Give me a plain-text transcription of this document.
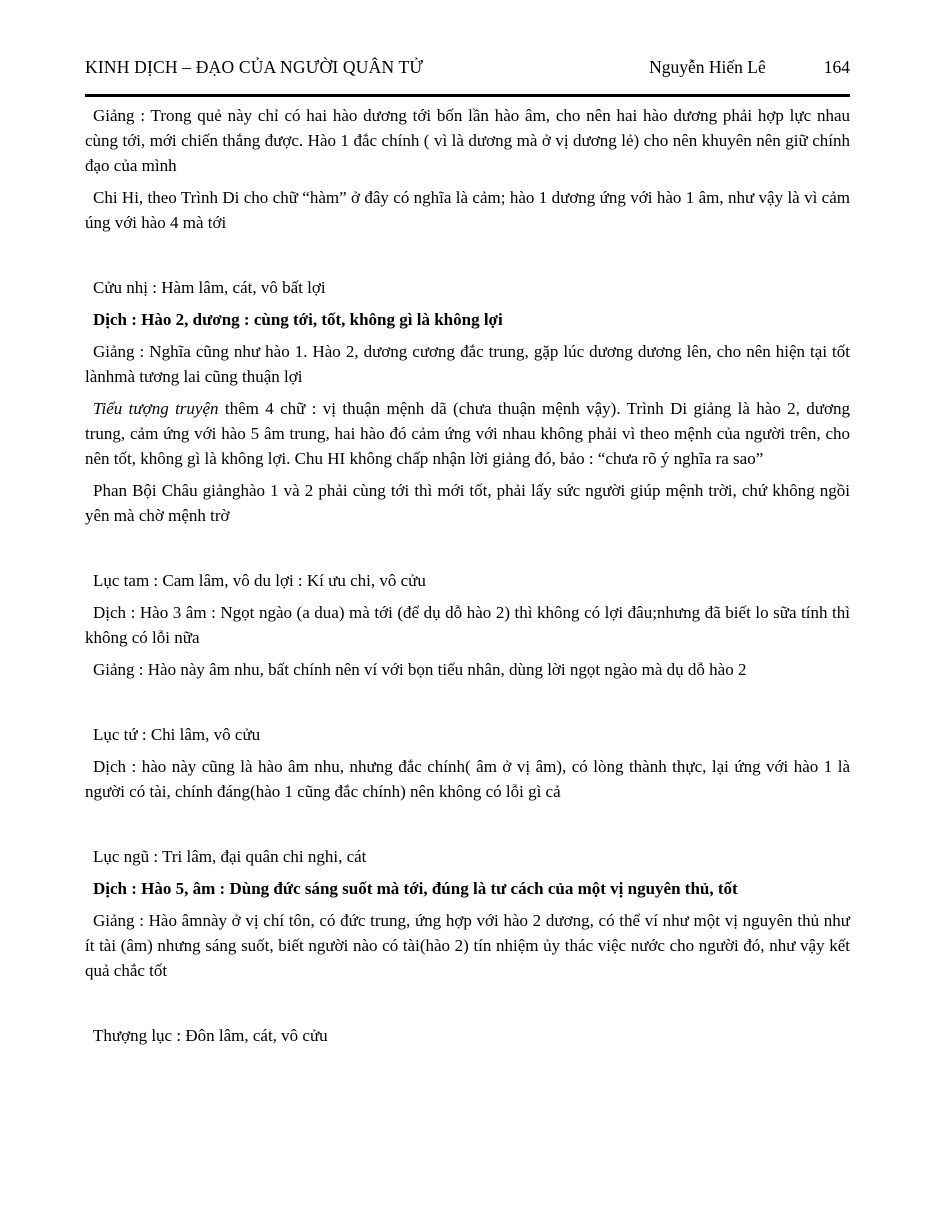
KINH DỊCH – ĐẠO CỦA NGƯỜI QUÂN TỬ	Nguyễn Hiến Lê	164

Giảng : Trong quẻ này chỉ có hai hào dương tới bốn lần hào âm, cho nên hai hào dương phải hợp lực nhau cùng tới, mới chiến thắng được. Hào 1 đắc chính ( vì là dương mà ở vị dương lẻ) cho nên khuyên nên giữ chính đạo của mình

Chi Hi, theo Trình Di cho chữ “hàm” ở đây có nghĩa là cảm; hào 1 dương ứng với hào 1 âm, như vậy là vì cảm úng với hào 4 mà tới

Cửu nhị : Hàm lâm, cát, vô bất lợi

Dịch : Hào 2, dương : cùng tới, tốt, không gì là không lợi

Giảng : Nghĩa cũng như hào 1. Hào 2, dương cương đắc trung, gặp lúc dương dương lên, cho nên hiện tại tốt lànhmà tương lai cũng thuận lợi

Tiểu tượng truyện thêm 4 chữ : vị thuận mệnh dã (chưa thuận mệnh vậy). Trình Di giảng là hào 2, dương trung, cảm ứng với hào 5 âm trung, hai hào đó cảm ứng với nhau không phải vì theo mệnh của người trên, cho nên tốt, không gì là không lợi. Chu HI không chấp nhận lời giảng đó, bảo : “chưa rõ ý nghĩa ra sao”

Phan Bội Châu giảnghào 1 và 2 phải cùng tới thì mới tốt, phải lấy sức người giúp mệnh trời, chứ không ngồi yên mà chờ mệnh trờ

Lục tam : Cam lâm, vô du lợi : Kí ưu chi, vô cửu

Dịch : Hào 3 âm : Ngọt ngào (a dua) mà tới (để dụ dỗ hào 2) thì không có lợi đâu;nhưng đã biết lo sữa tính thì không có lỗi nữa

Giảng : Hào này âm nhu, bất chính nên ví với bọn tiểu nhân, dùng lời ngọt ngào mà dụ dỗ hào 2

Lục tứ : Chi lâm, vô cửu

Dịch : hào này cũng là hào âm nhu, nhưng đắc chính( âm ở vị âm), có lòng thành thực, lại ứng với hào 1 là người có tài, chính đáng(hào 1 cũng đắc chính) nên không có lỗi gì cả

Lục ngũ : Tri lâm, đại quân chi nghi, cát

Dịch : Hào 5, âm : Dùng đức sáng suốt mà tới, đúng là tư cách của một vị nguyên thủ, tốt

Giảng : Hào âmnày ở vị chí tôn, có đức trung, ứng hợp với hào 2 dương, có thể ví như một vị nguyên thủ như ít tài (âm) nhưng sáng suốt, biết người nào có tài(hào 2) tín nhiệm ủy thác việc nước cho người đó, như vậy kết quả chắc tốt

Thượng lục : Đôn lâm, cát, vô cửu
